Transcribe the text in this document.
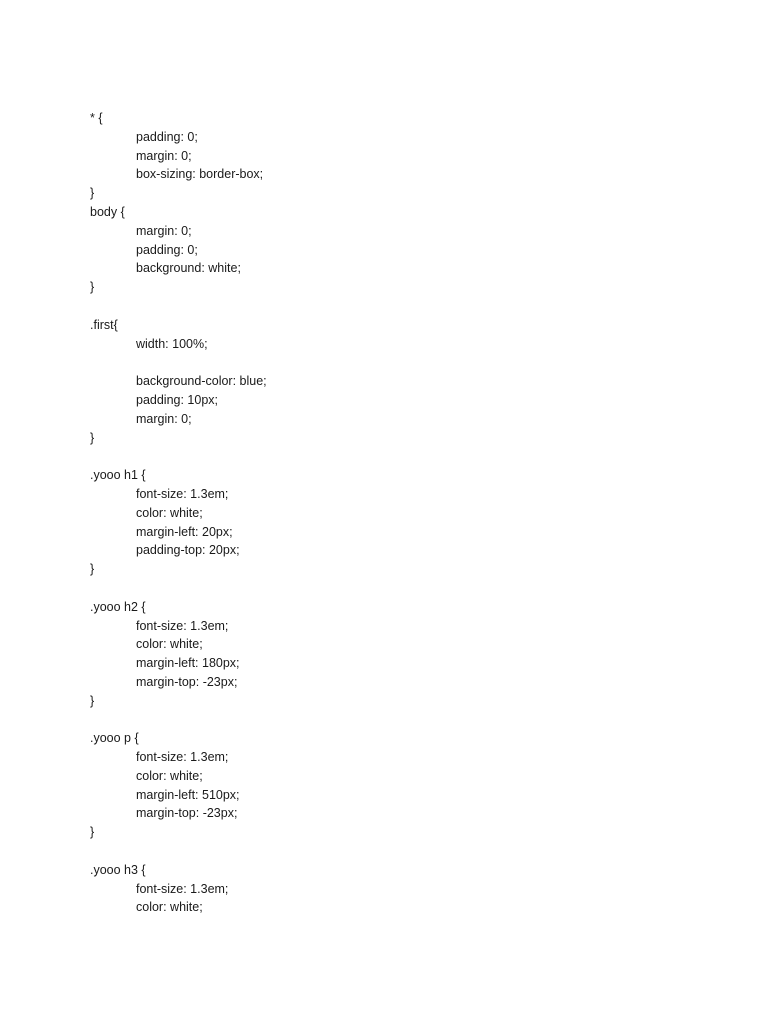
* {
padding: 0;
margin: 0;
box-sizing: border-box;
}
body {
margin: 0;
padding: 0;
background: white;
}
.first{
width: 100%;
background-color: blue;
padding: 10px;
margin: 0;
}
.yooo h1 {
font-size: 1.3em;
color: white;
margin-left: 20px;
padding-top: 20px;
}
.yooo h2 {
font-size: 1.3em;
color: white;
margin-left: 180px;
margin-top: -23px;
}
.yooo p {
font-size: 1.3em;
color: white;
margin-left: 510px;
margin-top: -23px;
}
.yooo h3 {
font-size: 1.3em;
color: white;
